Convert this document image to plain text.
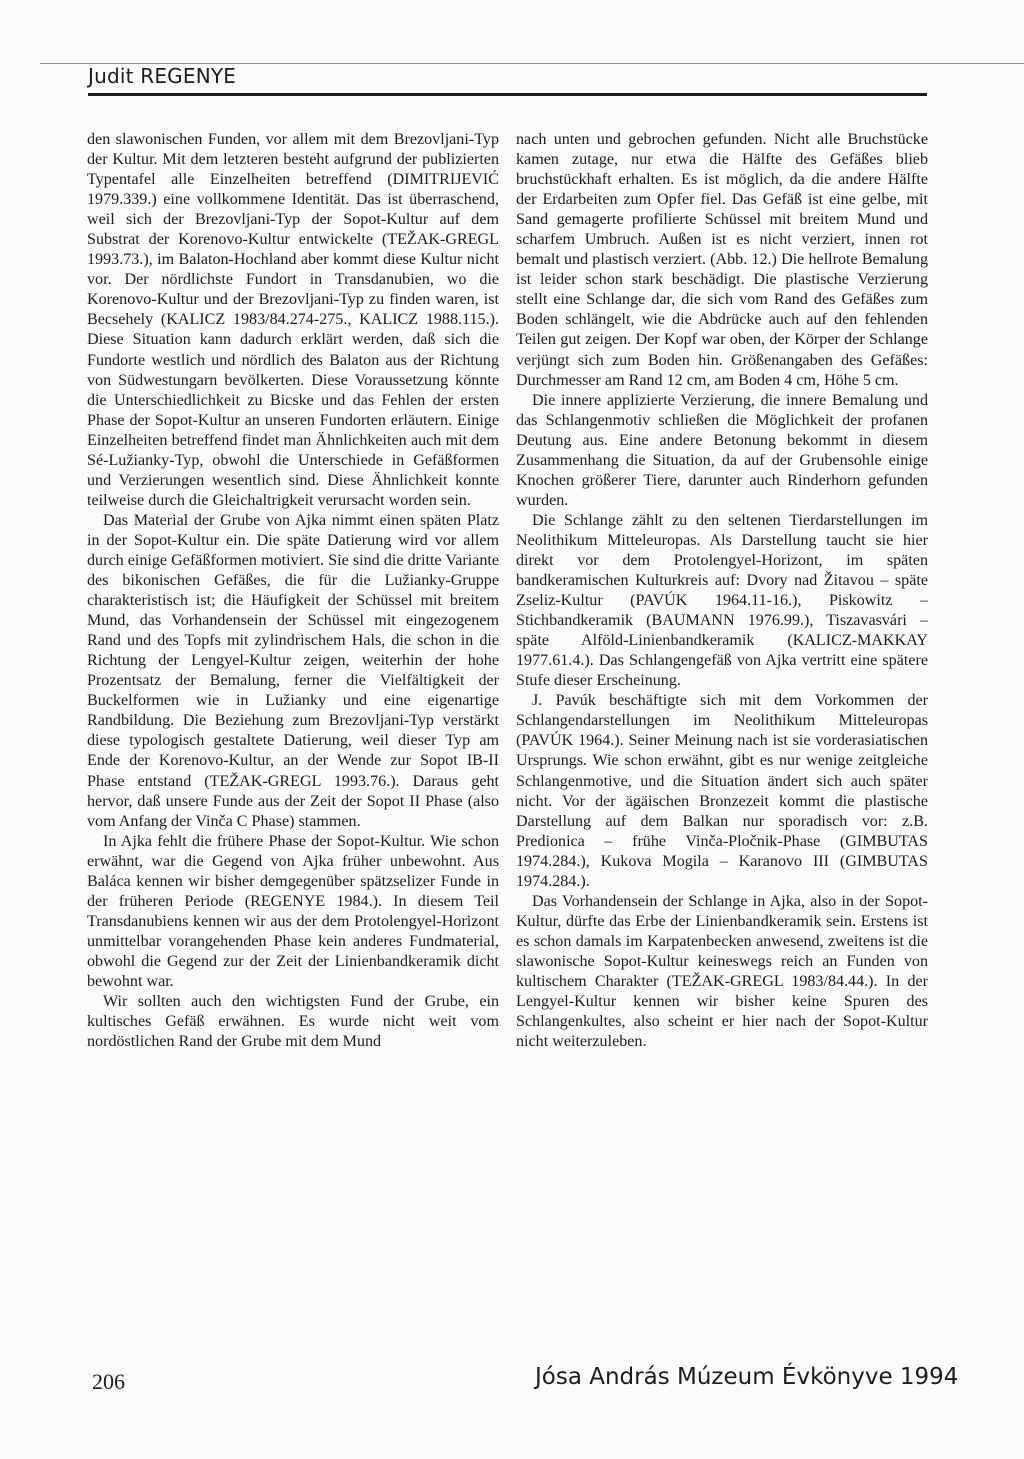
Judit REGENYE

den slawonischen Funden, vor allem mit dem Brezovljani-Typ der Kultur. Mit dem letzteren besteht aufgrund der publizierten Typentafel alle Einzelheiten betreffend (DIMITRIJEVIĆ 1979.339.) eine vollkommene Identität. Das ist überraschend, weil sich der Brezovljani-Typ der Sopot-Kultur auf dem Substrat der Korenovo-Kultur entwickelte (TEŽAK-GREGL 1993.73.), im Balaton-Hochland aber kommt diese Kultur nicht vor. Der nördlichste Fundort in Transdanubien, wo die Korenovo-Kultur und der Brezovljani-Typ zu finden waren, ist Becsehely (KALICZ 1983/84.274-275., KALICZ 1988.115.). Diese Situation kann dadurch erklärt werden, daß sich die Fundorte westlich und nördlich des Balaton aus der Richtung von Südwestungarn bevölkerten. Diese Voraussetzung könnte die Unterschiedlichkeit zu Bicske und das Fehlen der ersten Phase der Sopot-Kultur an unseren Fundorten erläutern. Einige Einzelheiten betreffend findet man Ähnlichkeiten auch mit dem Sé-Lužianky-Typ, obwohl die Unterschiede in Gefäßformen und Verzierungen wesentlich sind. Diese Ähnlichkeit konnte teilweise durch die Gleichaltrigkeit verursacht worden sein.

Das Material der Grube von Ajka nimmt einen späten Platz in der Sopot-Kultur ein. Die späte Datierung wird vor allem durch einige Gefäßformen motiviert. Sie sind die dritte Variante des bikonischen Gefäßes, die für die Lužianky-Gruppe charakteristisch ist; die Häufigkeit der Schüssel mit breitem Mund, das Vorhandensein der Schüssel mit eingezogenem Rand und des Topfs mit zylindrischem Hals, die schon in die Richtung der Lengyel-Kultur zeigen, weiterhin der hohe Prozentsatz der Bemalung, ferner die Vielfältigkeit der Buckelformen wie in Lužianky und eine eigenartige Randbildung. Die Beziehung zum Brezovljani-Typ verstärkt diese typologisch gestaltete Datierung, weil dieser Typ am Ende der Korenovo-Kultur, an der Wende zur Sopot IB-II Phase entstand (TEŽAK-GREGL 1993.76.). Daraus geht hervor, daß unsere Funde aus der Zeit der Sopot II Phase (also vom Anfang der Vinča C Phase) stammen.

In Ajka fehlt die frühere Phase der Sopot-Kultur. Wie schon erwähnt, war die Gegend von Ajka früher unbewohnt. Aus Baláca kennen wir bisher demgegenüber spätzselizer Funde in der früheren Periode (REGENYE 1984.). In diesem Teil Transdanubiens kennen wir aus der dem Protolengyel-Horizont unmittelbar vorangehenden Phase kein anderes Fundmaterial, obwohl die Gegend zur der Zeit der Linienbandkeramik dicht bewohnt war.

Wir sollten auch den wichtigsten Fund der Grube, ein kultisches Gefäß erwähnen. Es wurde nicht weit vom nordöstlichen Rand der Grube mit dem Mund

nach unten und gebrochen gefunden. Nicht alle Bruchstücke kamen zutage, nur etwa die Hälfte des Gefäßes blieb bruchstückhaft erhalten. Es ist möglich, da die andere Hälfte der Erdarbeiten zum Opfer fiel. Das Gefäß ist eine gelbe, mit Sand gemagerte profilierte Schüssel mit breitem Mund und scharfem Umbruch. Außen ist es nicht verziert, innen rot bemalt und plastisch verziert. (Abb. 12.) Die hellrote Bemalung ist leider schon stark beschädigt. Die plastische Verzierung stellt eine Schlange dar, die sich vom Rand des Gefäßes zum Boden schlängelt, wie die Abdrücke auch auf den fehlenden Teilen gut zeigen. Der Kopf war oben, der Körper der Schlange verjüngt sich zum Boden hin. Größenangaben des Gefäßes: Durchmesser am Rand 12 cm, am Boden 4 cm, Höhe 5 cm.

Die innere applizierte Verzierung, die innere Bemalung und das Schlangenmotiv schließen die Möglichkeit der profanen Deutung aus. Eine andere Betonung bekommt in diesem Zusammenhang die Situation, da auf der Grubensohle einige Knochen größerer Tiere, darunter auch Rinderhorn gefunden wurden.

Die Schlange zählt zu den seltenen Tierdarstellungen im Neolithikum Mitteleuropas. Als Darstellung taucht sie hier direkt vor dem Protolengyel-Horizont, im späten bandkeramischen Kulturkreis auf: Dvory nad Žitavou – späte Zseliz-Kultur (PAVÚK 1964.11-16.), Piskowitz – Stichbandkeramik (BAUMANN 1976.99.), Tiszavasvári – späte Alföld-Linienbandkeramik (KALICZ-MAKKAY 1977.61.4.). Das Schlangengefäß von Ajka vertritt eine spätere Stufe dieser Erscheinung.

J. Pavúk beschäftigte sich mit dem Vorkommen der Schlangendarstellungen im Neolithikum Mitteleuropas (PAVÚK 1964.). Seiner Meinung nach ist sie vorderasiatischen Ursprungs. Wie schon erwähnt, gibt es nur wenige zeitgleiche Schlangenmotive, und die Situation ändert sich auch später nicht. Vor der ägäischen Bronzezeit kommt die plastische Darstellung auf dem Balkan nur sporadisch vor: z.B. Predionica – frühe Vinča-Pločnik-Phase (GIMBUTAS 1974.284.), Kukova Mogila – Karanovo III (GIMBUTAS 1974.284.).

Das Vorhandensein der Schlange in Ajka, also in der Sopot-Kultur, dürfte das Erbe der Linienbandkeramik sein. Erstens ist es schon damals im Karpatenbecken anwesend, zweitens ist die slawonische Sopot-Kultur keineswegs reich an Funden von kultischem Charakter (TEŽAK-GREGL 1983/84.44.). In der Lengyel-Kultur kennen wir bisher keine Spuren des Schlangenkultes, also scheint er hier nach der Sopot-Kultur nicht weiterzuleben.

206	Jósa András Múzeum Évkönyve 1994
